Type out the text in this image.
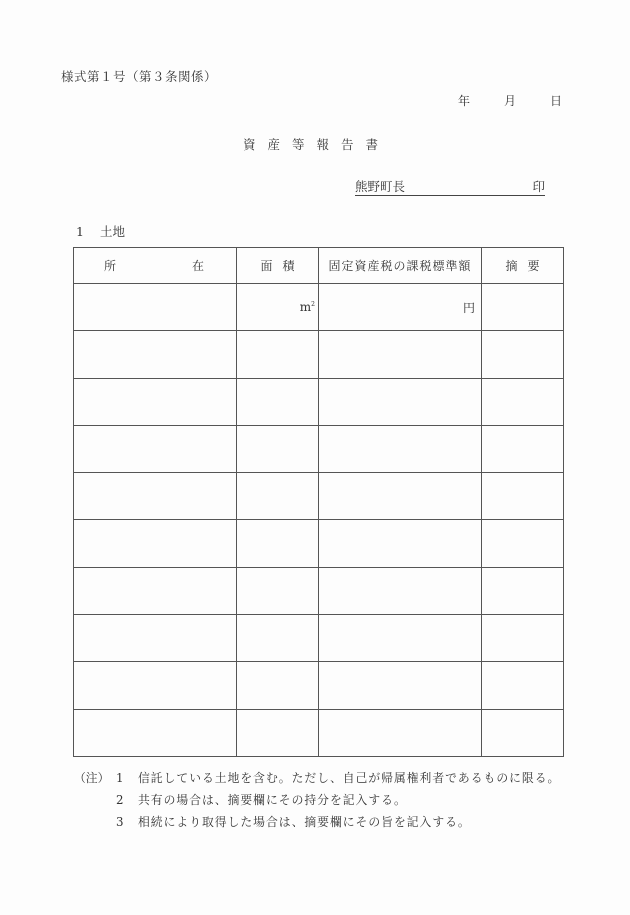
様式第１号（第３条関係）
年	月	日
資産等報告書
熊野町長	印
1 土地
所 在	面積	固定資産税の課税標準額	摘要
	$m^2$	円	

（注） 1	信託している土地を含む。ただし、自己が帰属権利者であるものに限る。
2	共有の場合は、摘要欄にその持分を記入する。
3	相続により取得した場合は、摘要欄にその旨を記入する。
